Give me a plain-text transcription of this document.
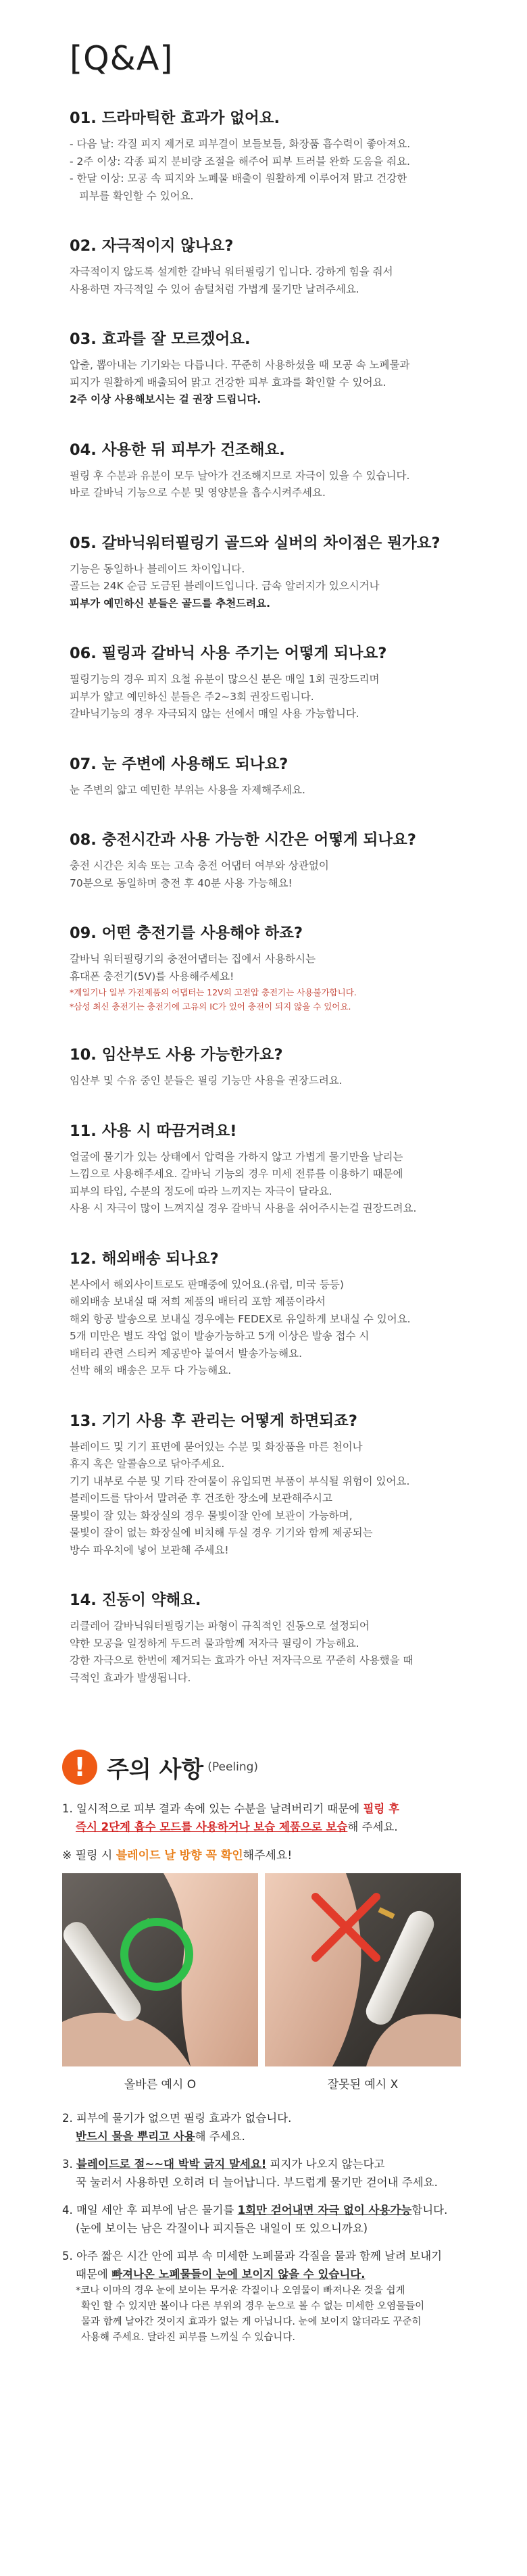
[Q&A]
01. 드라마틱한 효과가 없어요.
- 다음 날: 각질 피지 제거로 피부결이 보들보들, 화장품 흡수력이 좋아져요.
- 2주 이상: 각종 피지 분비량 조절을 해주어 피부 트러블 완화 도움을 줘요.
- 한달 이상: 모공 속 피지와 노폐물 배출이 원활하게 이루어져 맑고 건강한
피부를 확인할 수 있어요.
02. 자극적이지 않나요?
자극적이지 않도록 설계한 갈바닉 워터필링기 입니다. 강하게 힘을 줘서
사용하면 자극적일 수 있어 솜털처럼 가볍게 물기만 날려주세요.
03. 효과를 잘 모르겠어요.
압출, 뽑아내는 기기와는 다릅니다. 꾸준히 사용하셨을 때 모공 속 노폐물과
피지가 원활하게 배출되어 맑고 건강한 피부 효과를 확인할 수 있어요.
2주 이상 사용해보시는 걸 권장 드립니다.
04. 사용한 뒤 피부가 건조해요.
필링 후 수분과 유분이 모두 날아가 건조해지므로 자극이 있을 수 있습니다.
바로 갈바닉 기능으로 수분 및 영양분을 흡수시켜주세요.
05. 갈바닉워터필링기 골드와 실버의 차이점은 뭔가요?
기능은 동일하나 블레이드 차이입니다.
골드는 24K 순금 도금된 블레이드입니다. 금속 알러지가 있으시거나
피부가 예민하신 분들은 골드를 추천드려요.
06. 필링과 갈바닉 사용 주기는 어떻게 되나요?
필링기능의 경우 피지 요철 유분이 많으신 분은 매일 1회 권장드리며
피부가 얇고 예민하신 분들은 주2~3회 권장드립니다.
갈바닉기능의 경우 자극되지 않는 선에서 매일 사용 가능합니다.
07. 눈 주변에 사용해도 되나요?
눈 주변의 얇고 예민한 부위는 사용을 자제해주세요.
08. 충전시간과 사용 가능한 시간은 어떻게 되나요?
충전 시간은 치속 또는 고속 충전 어댑터 여부와 상관없이
70분으로 동일하며 충전 후 40분 사용 가능해요!
09. 어떤 충전기를 사용해야 하죠?
갈바닉 워터필링기의 충전어댑터는 집에서 사용하시는
휴대폰 충전기(5V)를 사용해주세요!
*계일기나 일부 가전제품의 어댑터는 12V의 고전압 충전기는 사용불가합니다.
*삼성 최신 충전기는 충전기에 고유의 IC가 있어 충전이 되지 않을 수 있어요.
10. 임산부도 사용 가능한가요?
임산부 및 수유 중인 분들은 필링 기능만 사용을 권장드려요.
11. 사용 시 따끔거려요!
얼굴에 물기가 있는 상태에서 압력을 가하지 않고 가볍게 물기만을 날리는
느낌으로 사용해주세요. 갈바닉 기능의 경우 미세 전류를 이용하기 때문에
피부의 타입, 수분의 정도에 따라 느끼지는 자극이 달라요.
사용 시 자극이 많이 느껴지실 경우 갈바닉 사용을 쉬어주시는걸 권장드려요.
12. 해외배송 되나요?
본사에서 해외사이트로도 판매중에 있어요.(유럽, 미국 등등)
해외배송 보내실 때 저희 제품의 배터리 포함 제품이라서
해외 항공 발송으로 보내실 경우에는 FEDEX로 유일하게 보내실 수 있어요.
5개 미만은 별도 작업 없이 발송가능하고 5개 이상은 발송 접수 시
배터리 관련 스티커 제공받아 붙여서 발송가능해요.
선박 해외 배송은 모두 다 가능해요.
13. 기기 사용 후 관리는 어떻게 하면되죠?
블레이드 및 기기 표면에 묻어있는 수분 및 화장품을 마른 천이나
휴지 혹은 알콜솜으로 닦아주세요.
기기 내부로 수분 및 기타 잔여물이 유입되면 부품이 부식될 위험이 있어요.
블레이드를 닦아서 말려준 후 건조한 장소에 보관해주시고
물빛이 잘 있는 화장실의 경우 물빛이잘 안에 보관이 가능하며,
물빛이 잘이 없는 화장실에 비치해 두실 경우 기기와 함께 제공되는
방수 파우치에 넣어 보관해 주세요!
14. 진동이 약해요.
리클레어 갈바닉워터필링기는 파형이 규칙적인 진동으로 설정되어
약한 모공을 일정하게 두드려 물과함께 저자극 필링이 가능해요.
강한 자극으로 한번에 제거되는 효과가 아닌 저자극으로 꾸준히 사용했을 때
극적인 효과가 발생됩니다.
! 주의 사항 (Peeling)
1. 일시적으로 피부 결과 속에 있는 수분을 날려버리기 때문에 필링 후
즉시 2단계 흡수 모드를 사용하거나 보습 제품으로 보습해 주세요.
※ 필링 시 블레이드 날 방향 꼭 확인해주세요!
올바른 예시 O	잘못된 예시 X
2. 피부에 물기가 없으면 필링 효과가 없습니다.
반드시 물을 뿌리고 사용해 주세요.
3. 블레이드로 절~~대 박박 긁지 말세요! 피지가 나오지 않는다고
꾹 눌러서 사용하면 오히려 더 늘어납니다. 부드럽게 물기만 걷어내 주세요.
4. 매일 세안 후 피부에 남은 물기를 1회만 걷어내면 자극 없이 사용가능합니다.
(눈에 보이는 남은 각질이나 피지들은 내일이 또 있으니까요)
5. 아주 짧은 시간 안에 피부 속 미세한 노폐물과 각질을 물과 함께 날려 보내기
때문에 빠져나온 노폐물들이 눈에 보이지 않을 수 있습니다.
*코나 이마의 경우 눈에 보이는 무거운 각질이나 오염물이 빠져나온 것을 쉽게
확인 할 수 있지만 볼이나 다른 부위의 경우 눈으로 볼 수 없는 미세한 오염물들이
물과 함께 날아간 것이지 효과가 없는 게 아닙니다. 눈에 보이지 않더라도 꾸준히
사용해 주세요. 달라진 피부를 느끼실 수 있습니다.
